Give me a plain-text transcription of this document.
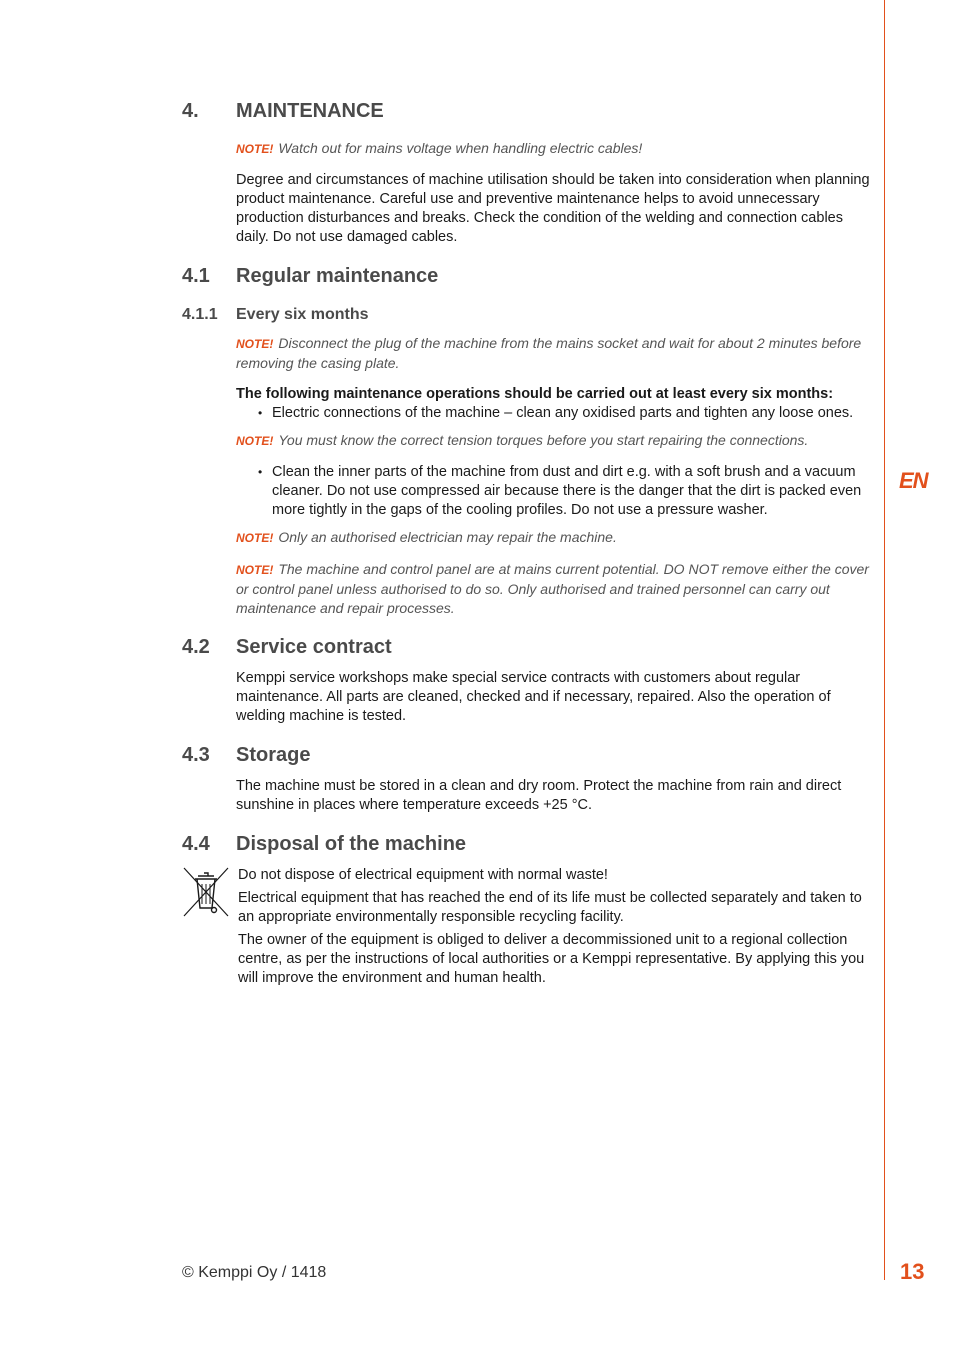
EN
13
© Kemppi Oy / 1418
4.	MAINTENANCE
NOTE! Watch out for mains voltage when handling electric cables!

Degree and circumstances of machine utilisation should be taken into consideration when planning product maintenance. Careful use and preventive maintenance helps to avoid unnecessary production disturbances and breaks. Check the condition of the welding and connection cables daily. Do not use damaged cables.

4.1	Regular maintenance
4.1.1	Every six months
NOTE! Disconnect the plug of the machine from the mains socket and wait for about 2 minutes before removing the casing plate.

The following maintenance operations should be carried out at least every six months:

• Electric connections of the machine – clean any oxidised parts and tighten any loose ones.
NOTE! You must know the correct tension torques before you start repairing the connections.
• Clean the inner parts of the machine from dust and dirt e.g. with a soft brush and a vacuum cleaner. Do not use compressed air because there is the danger that the dirt is packed even more tightly in the gaps of the cooling profiles. Do not use a pressure washer.
NOTE! Only an authorised electrician may repair the machine.
NOTE! The machine and control panel are at mains current potential. DO NOT remove either the cover or control panel unless authorised to do so. Only authorised and trained personnel can carry out maintenance and repair processes.
4.2	Service contract

Kemppi service workshops make special service contracts with customers about regular maintenance. All parts are cleaned, checked and if necessary, repaired. Also the operation of welding machine is tested.

4.3	Storage

The machine must be stored in a clean and dry room. Protect the machine from rain and direct sunshine in places where temperature exceeds +25 °C.

4.4	Disposal of the machine

Do not dispose of electrical equipment with normal waste!

Electrical equipment that has reached the end of its life must be collected separately and taken to an appropriate environmentally responsible recycling facility.

The owner of the equipment is obliged to deliver a decommissioned unit to a regional collection centre, as per the instructions of local authorities or a Kemppi representative. By applying this you will improve the environment and human health.
